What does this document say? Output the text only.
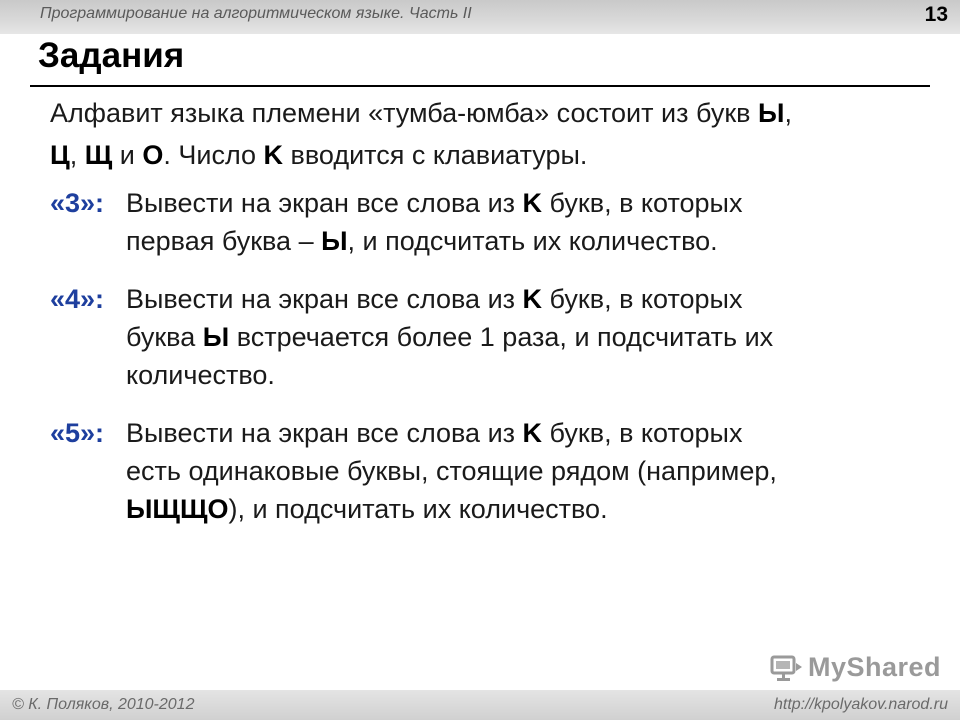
Программирование на алгоритмическом языке. Часть II	13
Задания
Алфавит языка племени «тумба-юмба» состоит из букв Ы,
Ц, Щ и О. Число K вводится с клавиатуры.
«3»: Вывести на экран все слова из K букв, в которых
первая буква – Ы, и подсчитать их количество.
«4»: Вывести на экран все слова из K букв, в которых
буква Ы встречается более 1 раза, и подсчитать их
количество.
«5»: Вывести на экран все слова из K букв, в которых
есть одинаковые буквы, стоящие рядом (например,
ЫЩЩО), и подсчитать их количество.
MyShared
© К. Поляков, 2010-2012	http://kpolyakov.narod.ru
